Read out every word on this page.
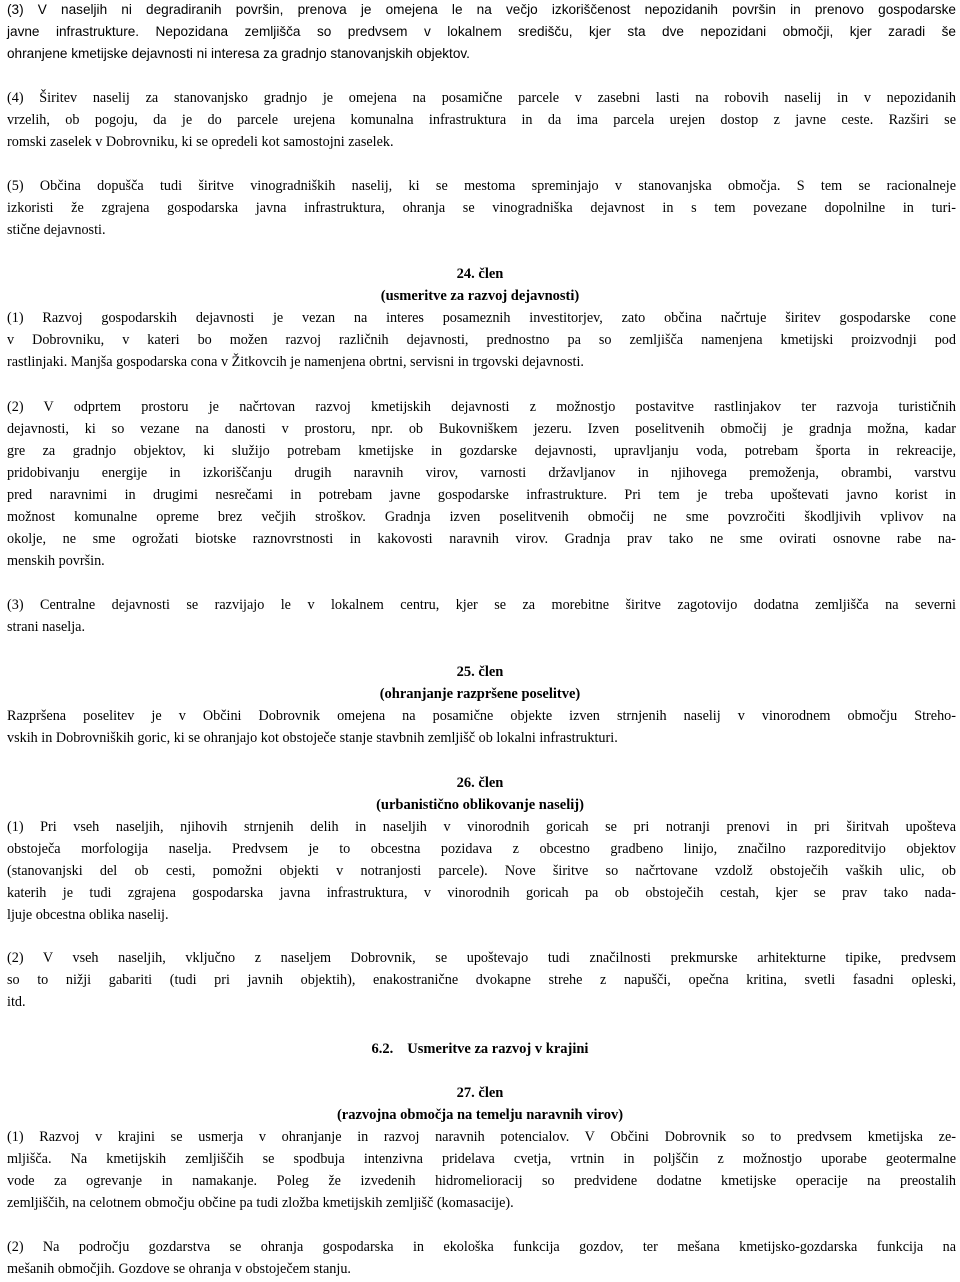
(3) V naseljih ni degradiranih površin, prenova je omejena le na večjo izkoriščenost nepozidanih površin in prenovo gospodarske
javne infrastrukture. Nepozidana zemljišča so predvsem v lokalnem središču, kjer sta dve nepozidani območji, kjer zaradi še
ohranjene kmetijske dejavnosti ni interesa za gradnjo stanovanjskih objektov.
(4) Širitev naselij za stanovanjsko gradnjo je omejena na posamične parcele v zasebni lasti na robovih naselij in v nepozidanih
vrzelih, ob pogoju, da je do parcele urejena komunalna infrastruktura in da ima parcela urejen dostop z javne ceste. Razširi se
romski zaselek v Dobrovniku, ki se opredeli kot samostojni zaselek.
(5) Občina dopušča tudi širitve vinogradniških naselij, ki se mestoma spreminjajo v stanovanjska območja. S tem se racionalneje
izkoristi že zgrajena gospodarska javna infrastruktura, ohranja se vinogradniška dejavnost in s tem povezane dopolnilne in turi-
stične dejavnosti.
24. člen
(usmeritve za razvoj dejavnosti)
(1) Razvoj gospodarskih dejavnosti je vezan na interes posameznih investitorjev, zato občina načrtuje širitev gospodarske cone
v Dobrovniku, v kateri bo možen razvoj različnih dejavnosti, prednostno pa so zemljišča namenjena kmetijski proizvodnji pod
rastlinjaki. Manjša gospodarska cona v Žitkovcih je namenjena obrtni, servisni in trgovski dejavnosti.
(2) V odprtem prostoru je načrtovan razvoj kmetijskih dejavnosti z možnostjo postavitve rastlinjakov ter razvoja turističnih
dejavnosti, ki so vezane na danosti v prostoru, npr. ob Bukovniškem jezeru. Izven poselitvenih območij je gradnja možna, kadar
gre za gradnjo objektov, ki služijo potrebam kmetijske in gozdarske dejavnosti, upravljanju voda, potrebam športa in rekreacije,
pridobivanju energije in izkoriščanju drugih naravnih virov, varnosti državljanov in njihovega premoženja, obrambi, varstvu
pred naravnimi in drugimi nesrečami in potrebam javne gospodarske infrastrukture. Pri tem je treba upoštevati javno korist in
možnost komunalne opreme brez večjih stroškov. Gradnja izven poselitvenih območij ne sme povzročiti škodljivih vplivov na
okolje, ne sme ogrožati biotske raznovrstnosti in kakovosti naravnih virov. Gradnja prav tako ne sme ovirati osnovne rabe na-
menskih površin.
(3) Centralne dejavnosti se razvijajo le v lokalnem centru, kjer se za morebitne širitve zagotovijo dodatna zemljišča na severni
strani naselja.
25. člen
(ohranjanje razpršene poselitve)
Razpršena poselitev je v Občini Dobrovnik omejena na posamične objekte izven strnjenih naselij v vinorodnem območju Streho-
vskih in Dobrovniških goric, ki se ohranjajo kot obstoječe stanje stavbnih zemljišč ob lokalni infrastrukturi.
26. člen
(urbanistično oblikovanje naselij)
(1) Pri vseh naseljih, njihovih strnjenih delih in naseljih v vinorodnih goricah se pri notranji prenovi in pri širitvah upošteva
obstoječa morfologija naselja. Predvsem je to obcestna pozidava z obcestno gradbeno linijo, značilno razporeditvijo objektov
(stanovanjski del ob cesti, pomožni objekti v notranjosti parcele). Nove širitve so načrtovane vzdolž obstoječih vaških ulic, ob
katerih je tudi zgrajena gospodarska javna infrastruktura, v vinorodnih goricah pa ob obstoječih cestah, kjer se prav tako nada-
ljuje obcestna oblika naselij.
(2) V vseh naseljih, vključno z naseljem Dobrovnik, se upoštevajo tudi značilnosti prekmurske arhitekturne tipike, predvsem
so to nižji gabariti (tudi pri javnih objektih), enakostranične dvokapne strehe z napušči, opečna kritina, svetli fasadni opleski,
itd.
6.2. Usmeritve za razvoj v krajini
27. člen
(razvojna območja na temelju naravnih virov)
(1) Razvoj v krajini se usmerja v ohranjanje in razvoj naravnih potencialov. V Občini Dobrovnik so to predvsem kmetijska ze-
mljišča. Na kmetijskih zemljiščih se spodbuja intenzivna pridelava cvetja, vrtnin in poljščin z možnostjo uporabe geotermalne
vode za ogrevanje in namakanje. Poleg že izvedenih hidromelioracij so predvidene dodatne kmetijske operacije na preostalih
zemljiščih, na celotnem območju občine pa tudi zložba kmetijskih zemljišč (komasacije).
(2) Na področju gozdarstva se ohranja gospodarska in ekološka funkcija gozdov, ter mešana kmetijsko-gozdarska funkcija na
mešanih območjih. Gozdove se ohranja v obstoječem stanju.
